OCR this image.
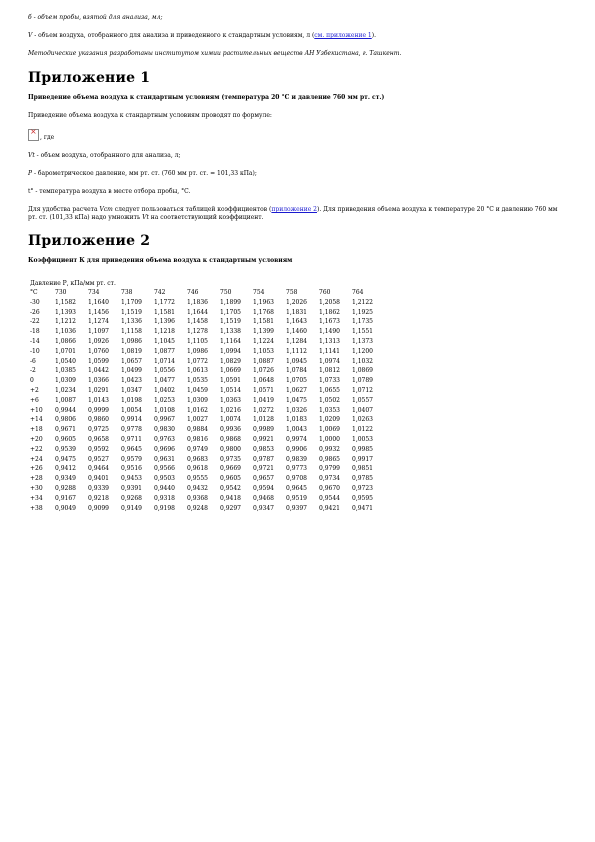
б - объем пробы, взятой для анализа, мл;

V - объем воздуха, отобранного для анализа и приведенного к стандартным условиям, л (см. приложение 1).

Методические указания разработаны институтом химии растительных веществ АН Узбекистана, г. Ташкент.

Приложение 1

Приведение объема воздуха к стандартным условиям (температура 20 °С и давление 760 мм рт. ст.)

Приведение объема воздуха к стандартным условиям проводят по формуле:

×, где

Vt - объем воздуха, отобранного для анализа, л;

P - барометрическое давление, мм рт. ст. (760 мм рт. ст. = 101,33 кПа);

t° - температура воздуха в месте отбора пробы, °С.

Для удобства расчета Vст следует пользоваться таблицей коэффициентов (приложение 2). Для приведения объема воздуха к температуре 20 °С и давлению 760 мм рт. ст. (101,33 кПа) надо умножить Vt на соответствующий коэффициент.

Приложение 2

Коэффициент К для приведения объема воздуха к стандартным условиям

Давление Р, кПа/мм рт. ст.

°С	730	734	738	742	746	750	754	758	760	764
-30	1,1582	1,1640	1,1709	1,1772	1,1836	1,1899	1,1963	1,2026	1,2058	1,2122
-26	1,1393	1,1456	1,1519	1,1581	1,1644	1,1705	1,1768	1,1831	1,1862	1,1925
-22	1,1212	1,1274	1,1336	1,1396	1,1458	1,1519	1,1581	1,1643	1,1673	1,1735
-18	1,1036	1,1097	1,1158	1,1218	1,1278	1,1338	1,1399	1,1460	1,1490	1,1551
-14	1,0866	1,0926	1,0986	1,1045	1,1105	1,1164	1,1224	1,1284	1,1313	1,1373
-10	1,0701	1,0760	1,0819	1,0877	1,0986	1,0994	1,1053	1,1112	1,1141	1,1200
-6	1,0540	1,0599	1,0657	1,0714	1,0772	1,0829	1,0887	1,0945	1,0974	1,1032
-2	1,0385	1,0442	1,0499	1,0556	1,0613	1,0669	1,0726	1,0784	1,0812	1,0869
0	1,0309	1,0366	1,0423	1,0477	1,0535	1,0591	1,0648	1,0705	1,0733	1,0789
+2	1,0234	1,0291	1,0347	1,0402	1,0459	1,0514	1,0571	1,0627	1,0655	1,0712
+6	1,0087	1,0143	1,0198	1,0253	1,0309	1,0363	1,0419	1,0475	1,0502	1,0557
+10	0,9944	0,9999	1,0054	1,0108	1,0162	1,0216	1,0272	1,0326	1,0353	1,0407
+14	0,9806	0,9860	0,9914	0,9967	1,0027	1,0074	1,0128	1,0183	1,0209	1,0263
+18	0,9671	0,9725	0,9778	0,9830	0,9884	0,9936	0,9989	1,0043	1,0069	1,0122
+20	0,9605	0,9658	0,9711	0,9763	0,9816	0,9868	0,9921	0,9974	1,0000	1,0053
+22	0,9539	0,9592	0,9645	0,9696	0,9749	0,9800	0,9853	0,9906	0,9932	0,9985
+24	0,9475	0,9527	0,9579	0,9631	0,9683	0,9735	0,9787	0,9839	0,9865	0,9917
+26	0,9412	0,9464	0,9516	0,9566	0,9618	0,9669	0,9721	0,9773	0,9799	0,9851
+28	0,9349	0,9401	0,9453	0,9503	0,9555	0,9605	0,9657	0,9708	0,9734	0,9785
+30	0,9288	0,9339	0,9391	0,9440	0,9432	0,9542	0,9594	0,9645	0,9670	0,9723
+34	0,9167	0,9218	0,9268	0,9318	0,9368	0,9418	0,9468	0,9519	0,9544	0,9595
+38	0,9049	0,9099	0,9149	0,9198	0,9248	0,9297	0,9347	0,9397	0,9421	0,9471
